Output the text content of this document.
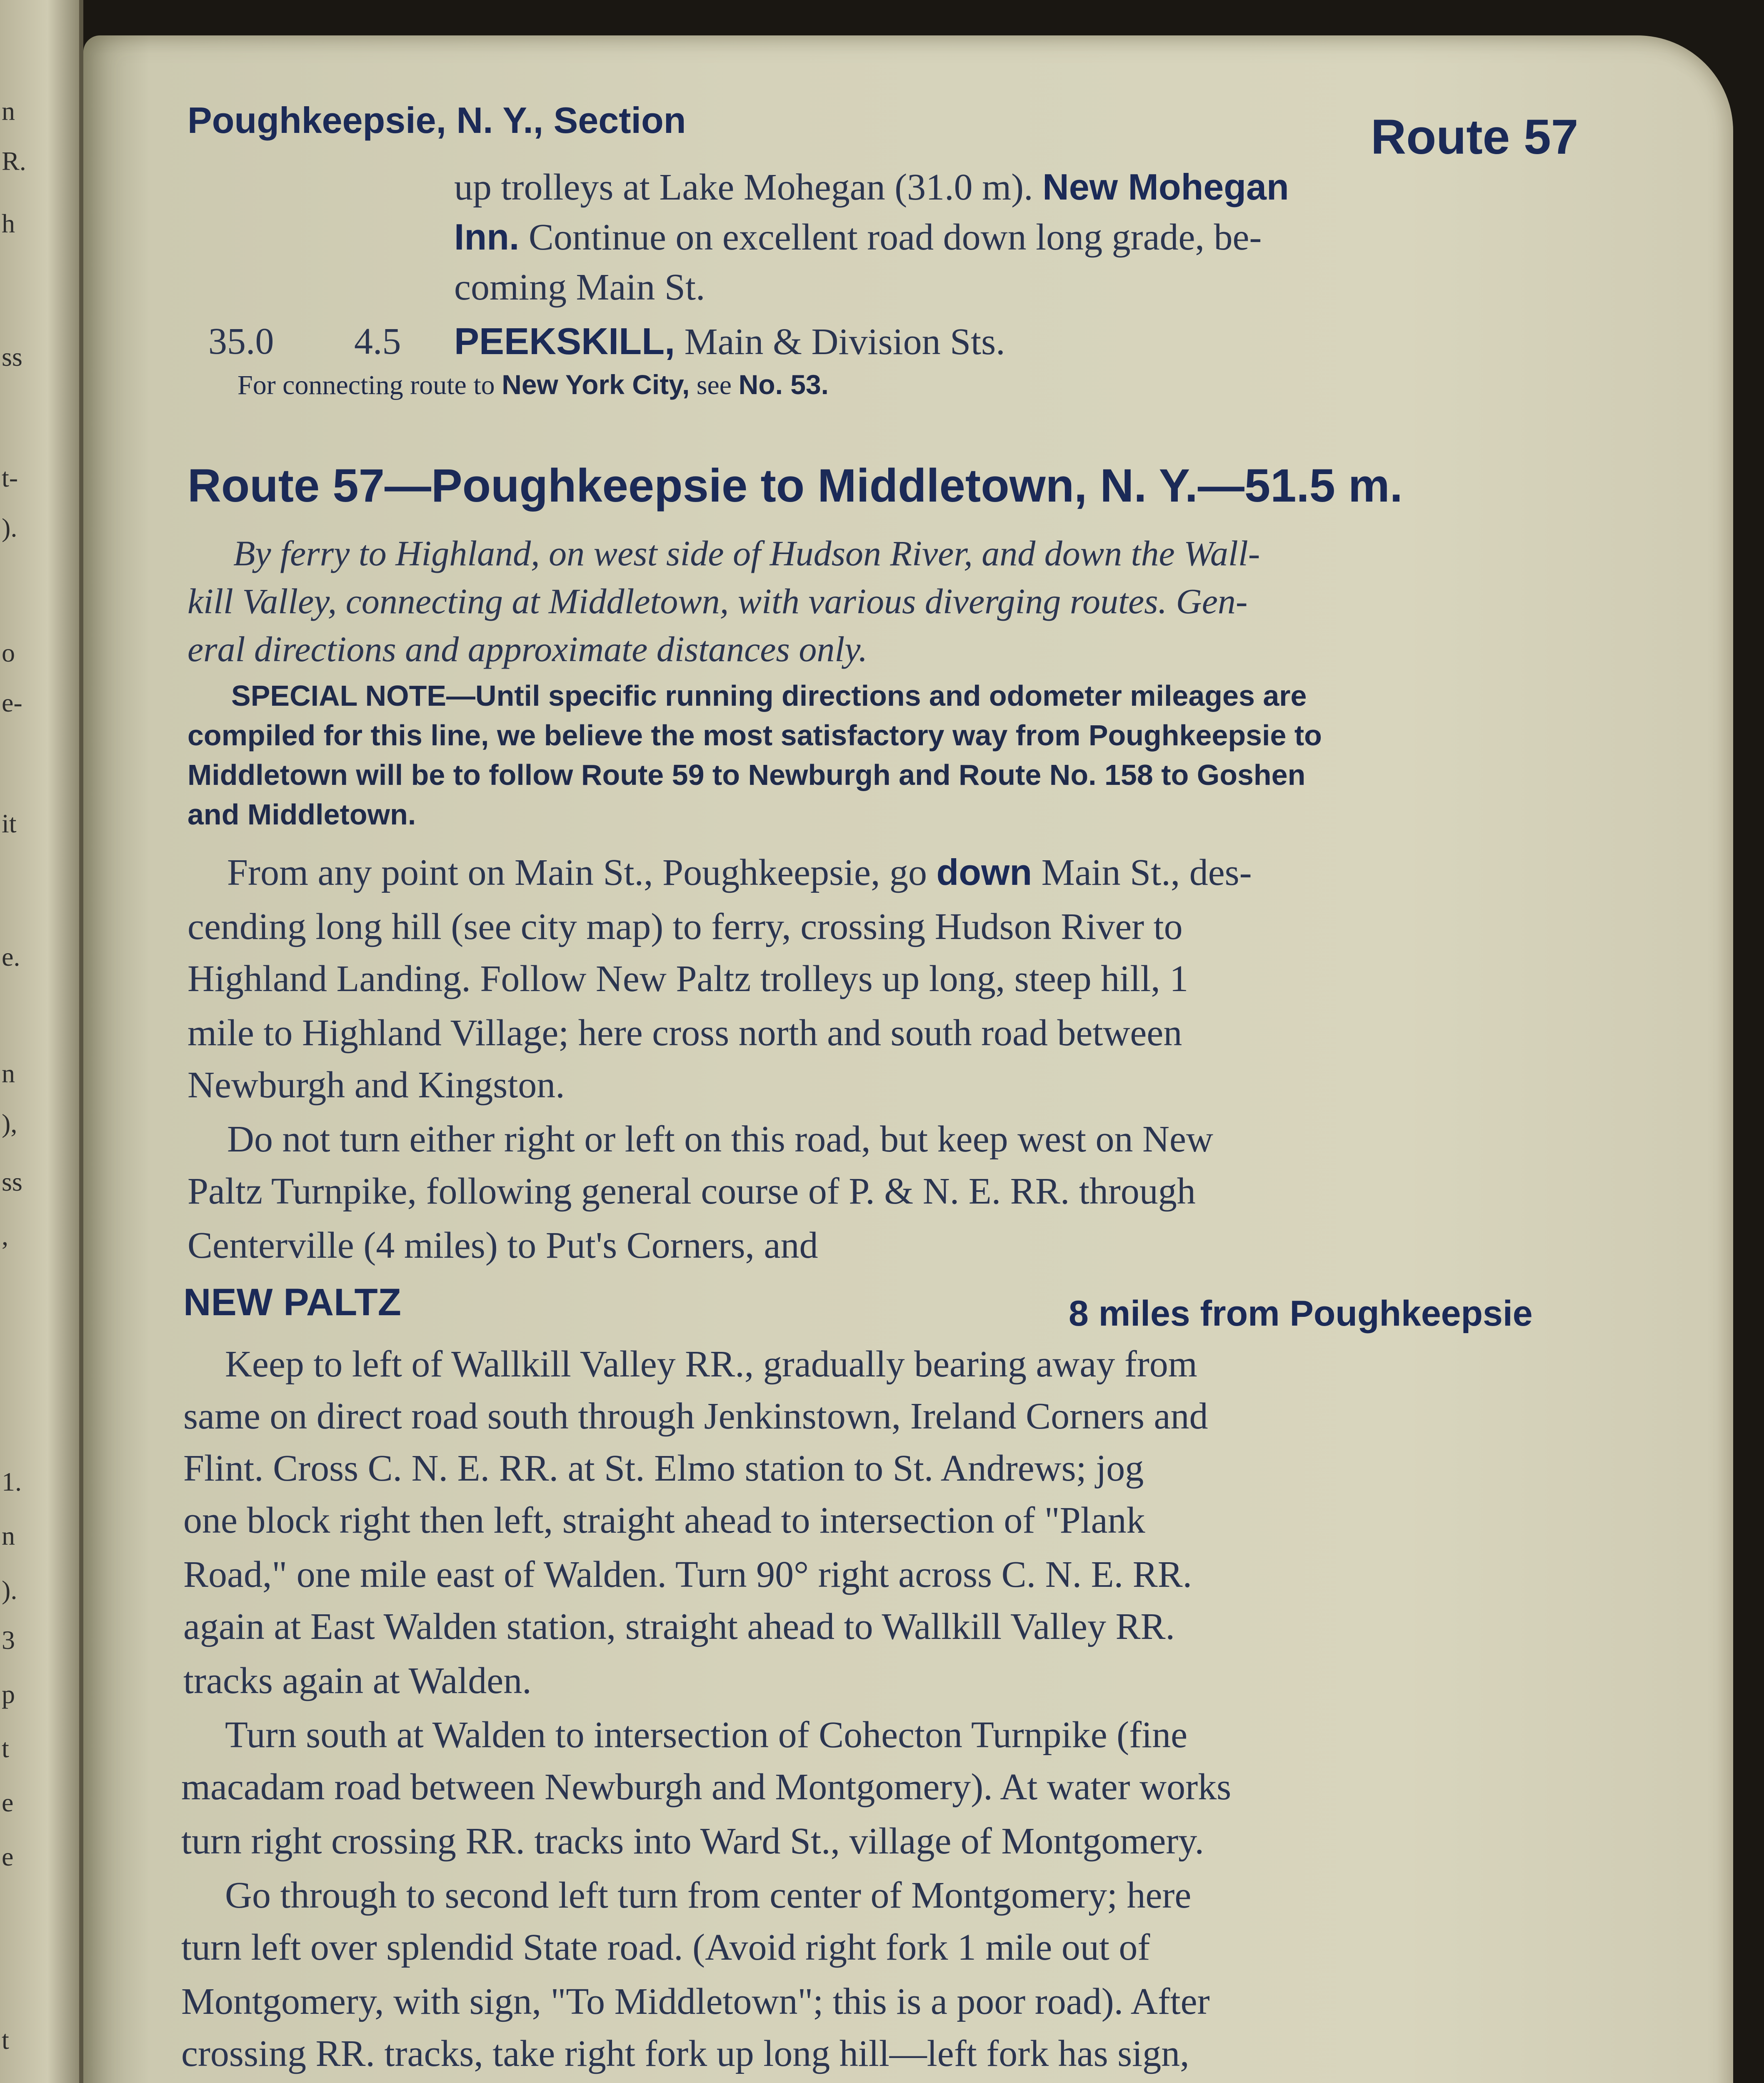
n
R.
h
ss
t-
).
o
e-
it
e.
n
),
ss
,
1.
n
).
3
p
t
e
e
t
Poughkeepsie, N. Y., Section	Route 57
up trolleys at Lake Mohegan (31.0 m). New Mohegan
Inn. Continue on excellent road down long grade, be-
coming Main St.
35.0 4.5 PEEKSKILL, Main & Division Sts.
For connecting route to New York City, see No. 53.
Route 57—Poughkeepsie to Middletown, N. Y.—51.5 m.
By ferry to Highland, on west side of Hudson River, and down the Wall-
kill Valley, connecting at Middletown, with various diverging routes. Gen-
eral directions and approximate distances only.
SPECIAL NOTE—Until specific running directions and odometer mileages are
compiled for this line, we believe the most satisfactory way from Poughkeepsie to
Middletown will be to follow Route 59 to Newburgh and Route No. 158 to Goshen
and Middletown.
From any point on Main St., Poughkeepsie, go down Main St., des-
cending long hill (see city map) to ferry, crossing Hudson River to
Highland Landing. Follow New Paltz trolleys up long, steep hill, 1
mile to Highland Village; here cross north and south road between
Newburgh and Kingston.
Do not turn either right or left on this road, but keep west on New
Paltz Turnpike, following general course of P. & N. E. RR. through
Centerville (4 miles) to Put's Corners, and
NEW PALTZ	8 miles from Poughkeepsie
Keep to left of Wallkill Valley RR., gradually bearing away from
same on direct road south through Jenkinstown, Ireland Corners and
Flint. Cross C. N. E. RR. at St. Elmo station to St. Andrews; jog
one block right then left, straight ahead to intersection of "Plank
Road," one mile east of Walden. Turn 90° right across C. N. E. RR.
again at East Walden station, straight ahead to Wallkill Valley RR.
tracks again at Walden.
Turn south at Walden to intersection of Cohecton Turnpike (fine
macadam road between Newburgh and Montgomery). At water works
turn right crossing RR. tracks into Ward St., village of Montgomery.
Go through to second left turn from center of Montgomery; here
turn left over splendid State road. (Avoid right fork 1 mile out of
Montgomery, with sign, "To Middletown"; this is a poor road). After
crossing RR. tracks, take right fork up long hill—left fork has sign,
